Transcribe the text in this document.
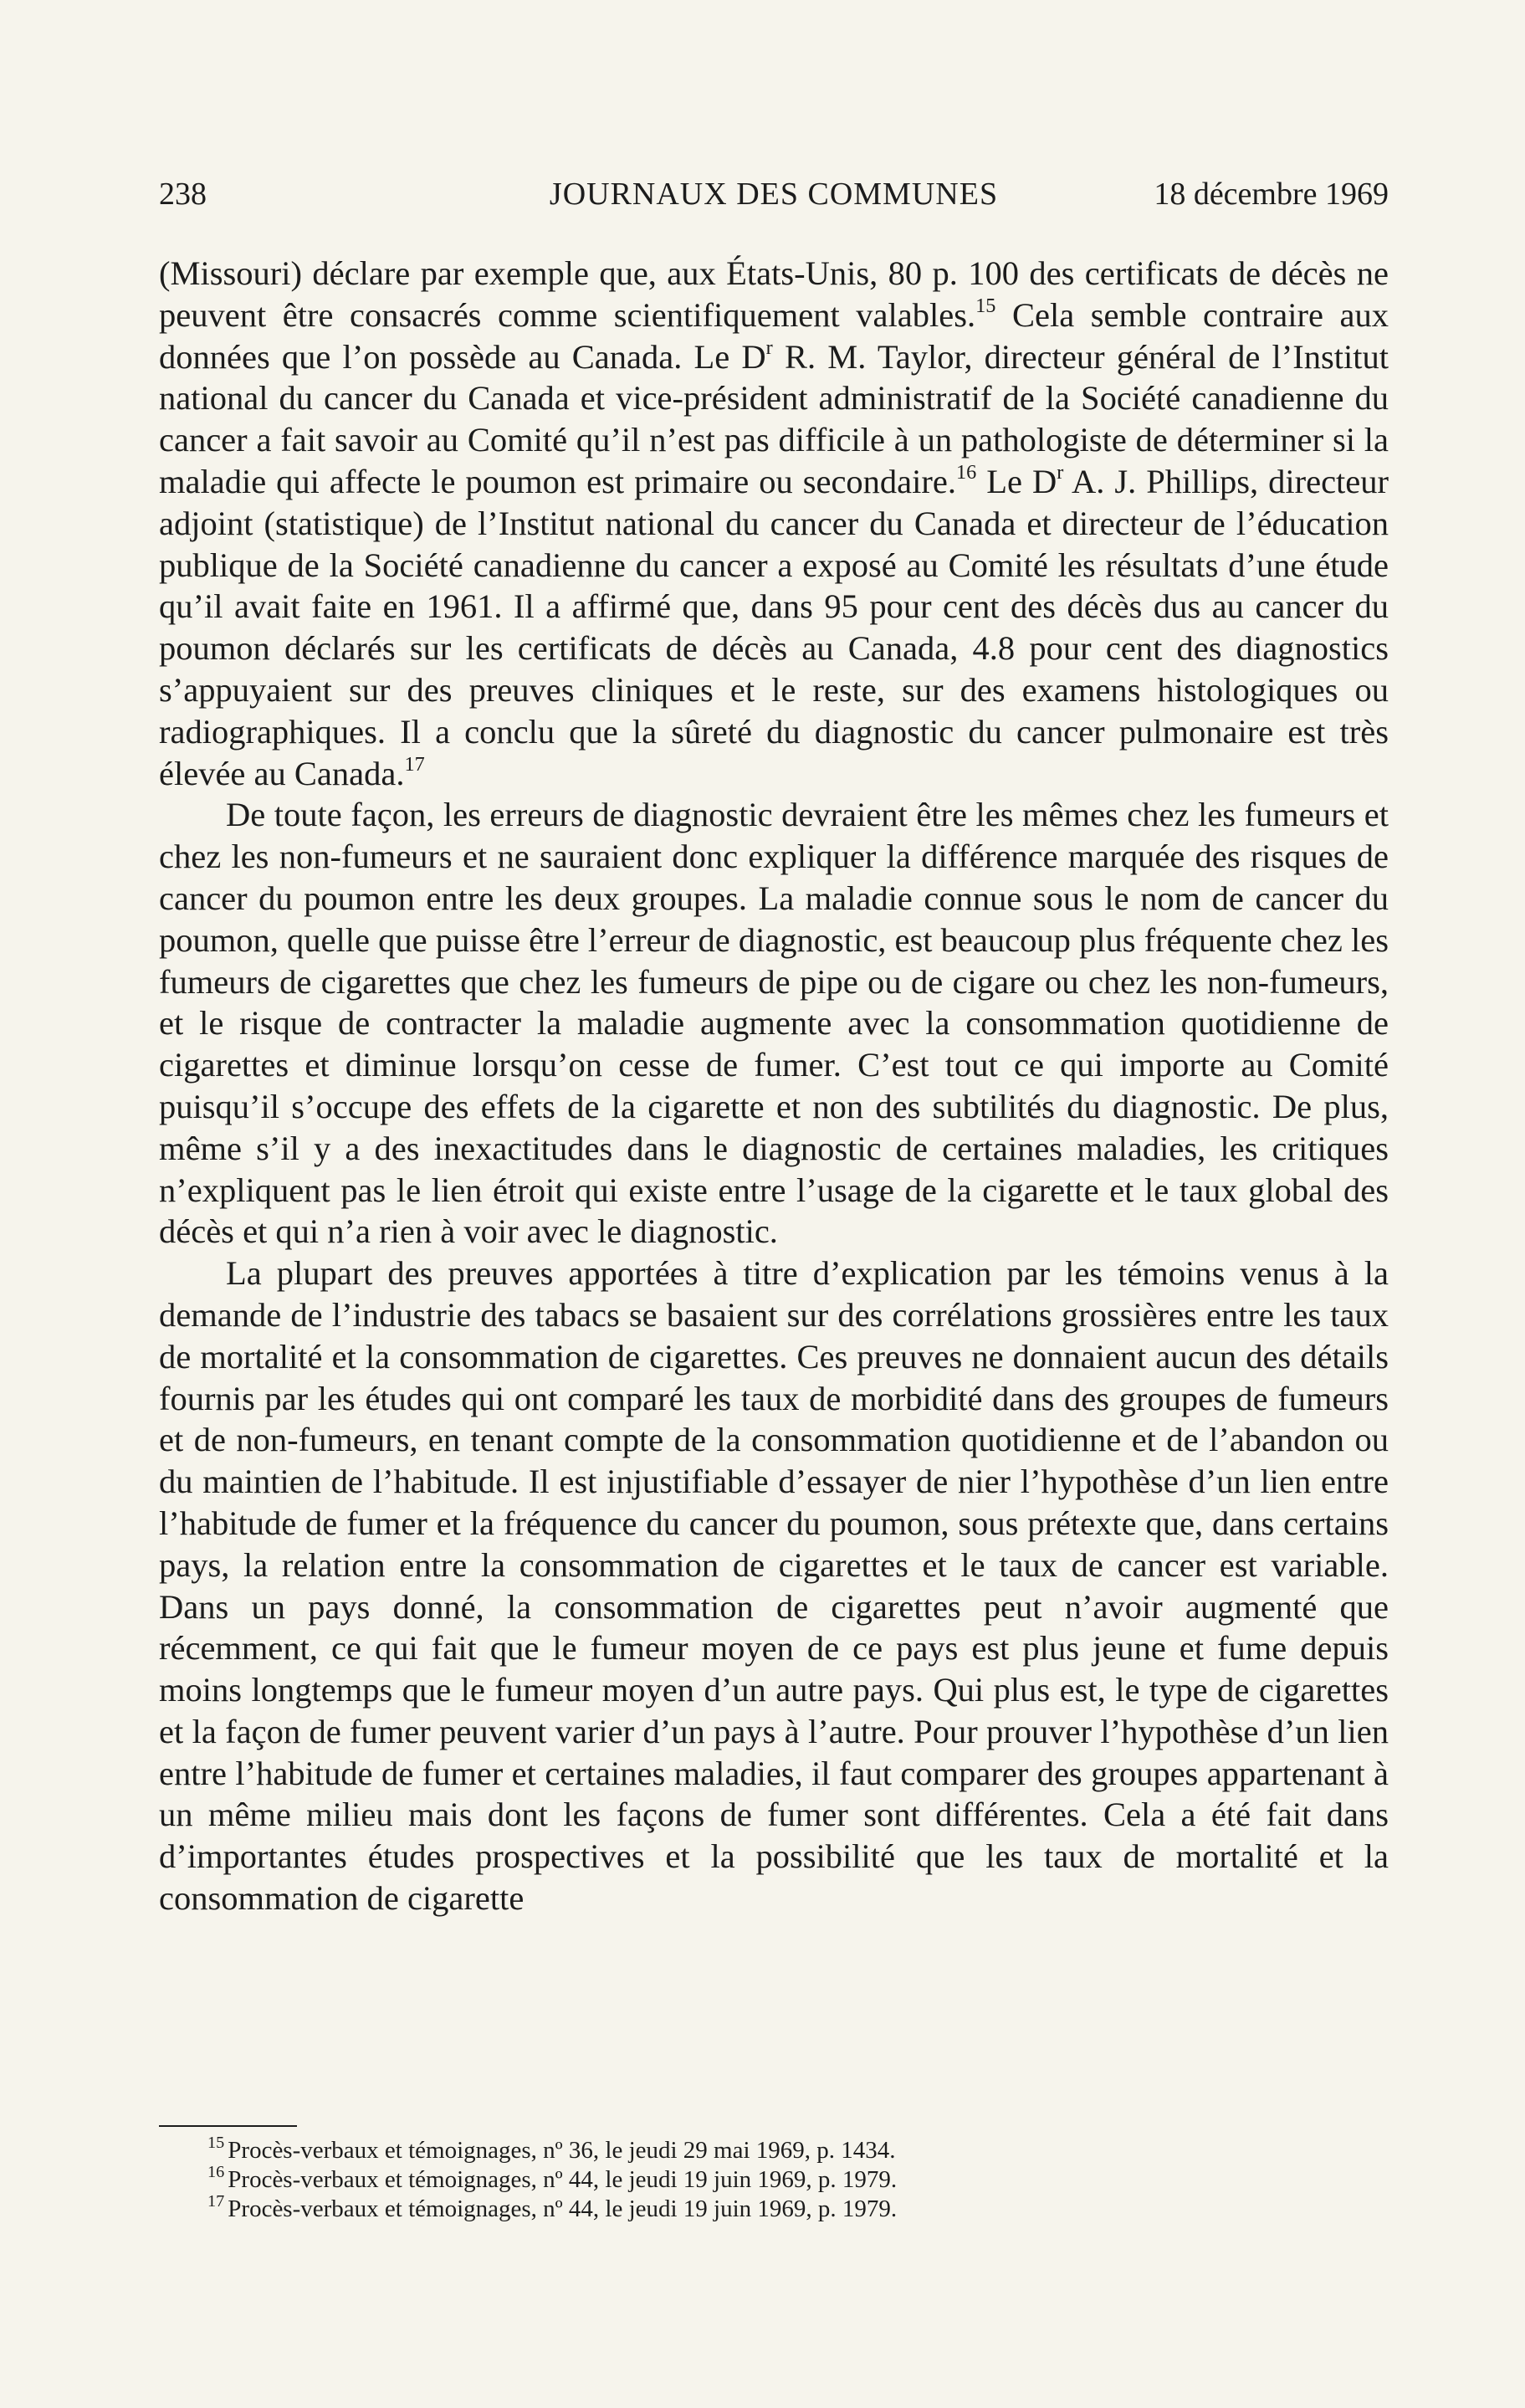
238	JOURNAUX DES COMMUNES	18 décembre 1969

(Missouri) déclare par exemple que, aux États-Unis, 80 p. 100 des certificats de décès ne peuvent être consacrés comme scientifiquement valables.$^{15}$ Cela semble contraire aux données que l’on possède au Canada. Le $D^r$ R. M. Taylor, directeur général de l’Institut national du cancer du Canada et vice-président administratif de la Société canadienne du cancer a fait savoir au Comité qu’il n’est pas difficile à un pathologiste de déterminer si la maladie qui affecte le poumon est primaire ou secondaire.$^{16}$ Le $D^r$ A. J. Phillips, directeur adjoint (statistique) de l’Institut national du cancer du Canada et directeur de l’éducation publique de la Société canadienne du cancer a exposé au Comité les résultats d’une étude qu’il avait faite en 1961. Il a affirmé que, dans 95 pour cent des décès dus au cancer du poumon déclarés sur les certificats de décès au Canada, 4.8 pour cent des diagnostics s’appuyaient sur des preuves cliniques et le reste, sur des examens histologiques ou radiographiques. Il a conclu que la sûreté du diagnostic du cancer pulmonaire est très élevée au Canada.$^{17}$

De toute façon, les erreurs de diagnostic devraient être les mêmes chez les fumeurs et chez les non-fumeurs et ne sauraient donc expliquer la différence marquée des risques de cancer du poumon entre les deux groupes. La maladie connue sous le nom de cancer du poumon, quelle que puisse être l’erreur de diagnostic, est beaucoup plus fréquente chez les fumeurs de cigarettes que chez les fumeurs de pipe ou de cigare ou chez les non-fumeurs, et le risque de contracter la maladie augmente avec la consommation quotidienne de cigarettes et diminue lorsqu’on cesse de fumer. C’est tout ce qui importe au Comité puisqu’il s’occupe des effets de la cigarette et non des subtilités du diagnostic. De plus, même s’il y a des inexactitudes dans le diagnostic de certaines maladies, les critiques n’expliquent pas le lien étroit qui existe entre l’usage de la cigarette et le taux global des décès et qui n’a rien à voir avec le diagnostic.

La plupart des preuves apportées à titre d’explication par les témoins venus à la demande de l’industrie des tabacs se basaient sur des corrélations grossières entre les taux de mortalité et la consommation de cigarettes. Ces preuves ne donnaient aucun des détails fournis par les études qui ont comparé les taux de morbidité dans des groupes de fumeurs et de non-fumeurs, en tenant compte de la consommation quotidienne et de l’abandon ou du maintien de l’habitude. Il est injustifiable d’essayer de nier l’hypothèse d’un lien entre l’habitude de fumer et la fréquence du cancer du poumon, sous prétexte que, dans certains pays, la relation entre la consommation de cigarettes et le taux de cancer est variable. Dans un pays donné, la consommation de cigarettes peut n’avoir augmenté que récemment, ce qui fait que le fumeur moyen de ce pays est plus jeune et fume depuis moins longtemps que le fumeur moyen d’un autre pays. Qui plus est, le type de cigarettes et la façon de fumer peuvent varier d’un pays à l’autre. Pour prouver l’hypothèse d’un lien entre l’habitude de fumer et certaines maladies, il faut comparer des groupes appartenant à un même milieu mais dont les façons de fumer sont différentes. Cela a été fait dans d’importantes études prospectives et la possibilité que les taux de mortalité et la consommation de cigarette

$^{15}$ Procès-verbaux et témoignages, nº 36, le jeudi 29 mai 1969, p. 1434.
$^{16}$ Procès-verbaux et témoignages, nº 44, le jeudi 19 juin 1969, p. 1979.
$^{17}$ Procès-verbaux et témoignages, nº 44, le jeudi 19 juin 1969, p. 1979.
